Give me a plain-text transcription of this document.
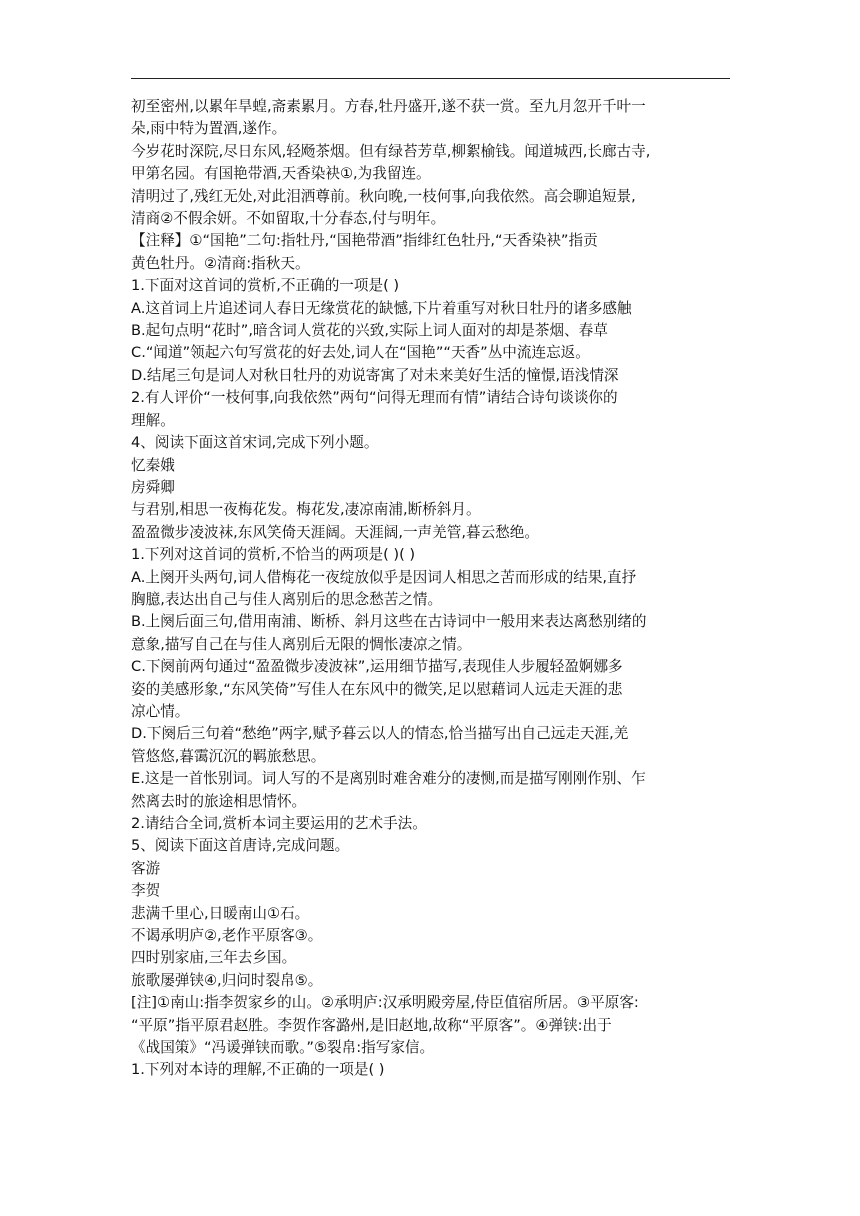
初至密州,以累年旱蝗,斋素累月。方春,牡丹盛开,遂不获一赏。至九月忽开千叶一
朵,雨中特为置酒,遂作。
今岁花时深院,尽日东风,轻飏茶烟。但有绿苔芳草,柳絮榆钱。闻道城西,长廊古寺,
甲第名园。有国艳带酒,天香染袂①,为我留连。
清明过了,残红无处,对此泪洒尊前。秋向晚,一枝何事,向我依然。高会聊追短景,
清商②不假余妍。不如留取,十分春态,付与明年。
【注释】①“国艳”二句:指牡丹,“国艳带酒”指绯红色牡丹,“天香染袂”指贡
黄色牡丹。②清商:指秋天。
1.下面对这首词的赏析,不正确的一项是( )
A.这首词上片追述词人春日无缘赏花的缺憾,下片着重写对秋日牡丹的诸多感触
B.起句点明“花时”,暗含词人赏花的兴致,实际上词人面对的却是茶烟、春草
C.“闻道”领起六句写赏花的好去处,词人在“国艳”“天香”丛中流连忘返。
D.结尾三句是词人对秋日牡丹的劝说寄寓了对未来美好生活的憧憬,语浅情深
2.有人评价“一枝何事,向我依然”两句“问得无理而有情”请结合诗句谈谈你的
理解。
4、阅读下面这首宋词,完成下列小题。
忆秦娥
房舜卿
与君别,相思一夜梅花发。梅花发,凄凉南浦,断桥斜月。
盈盈微步凌波袜,东风笑倚天涯阔。天涯阔,一声羌管,暮云愁绝。
1.下列对这首词的赏析,不恰当的两项是( )( )
A.上阕开头两句,词人借梅花一夜绽放似乎是因词人相思之苦而形成的结果,直抒
胸臆,表达出自己与佳人离别后的思念愁苦之情。
B.上阕后面三句,借用南浦、断桥、斜月这些在古诗词中一般用来表达离愁别绪的
意象,描写自己在与佳人离别后无限的惆怅凄凉之情。
C.下阕前两句通过“盈盈微步凌波袜”,运用细节描写,表现佳人步履轻盈婀娜多
姿的美感形象,“东风笑倚”写佳人在东风中的微笑,足以慰藉词人远走天涯的悲
凉心情。
D.下阕后三句着“愁绝”两字,赋予暮云以人的情态,恰当描写出自己远走天涯,羌
管悠悠,暮霭沉沉的羁旅愁思。
E.这是一首怅别词。词人写的不是离别时难舍难分的凄恻,而是描写刚刚作别、乍
然离去时的旅途相思情怀。
2.请结合全词,赏析本词主要运用的艺术手法。
5、阅读下面这首唐诗,完成问题。
客游
李贺
悲满千里心,日暖南山①石。
不谒承明庐②,老作平原客③。
四时别家庙,三年去乡国。
旅歌屡弹铗④,归问时裂帛⑤。
[注]①南山:指李贺家乡的山。②承明庐:汉承明殿旁屋,侍臣值宿所居。③平原客:
“平原”指平原君赵胜。李贺作客潞州,是旧赵地,故称“平原客”。④弹铗:出于
《战国策》“冯谖弹铗而歌。”⑤裂帛:指写家信。
1.下列对本诗的理解,不正确的一项是( )
